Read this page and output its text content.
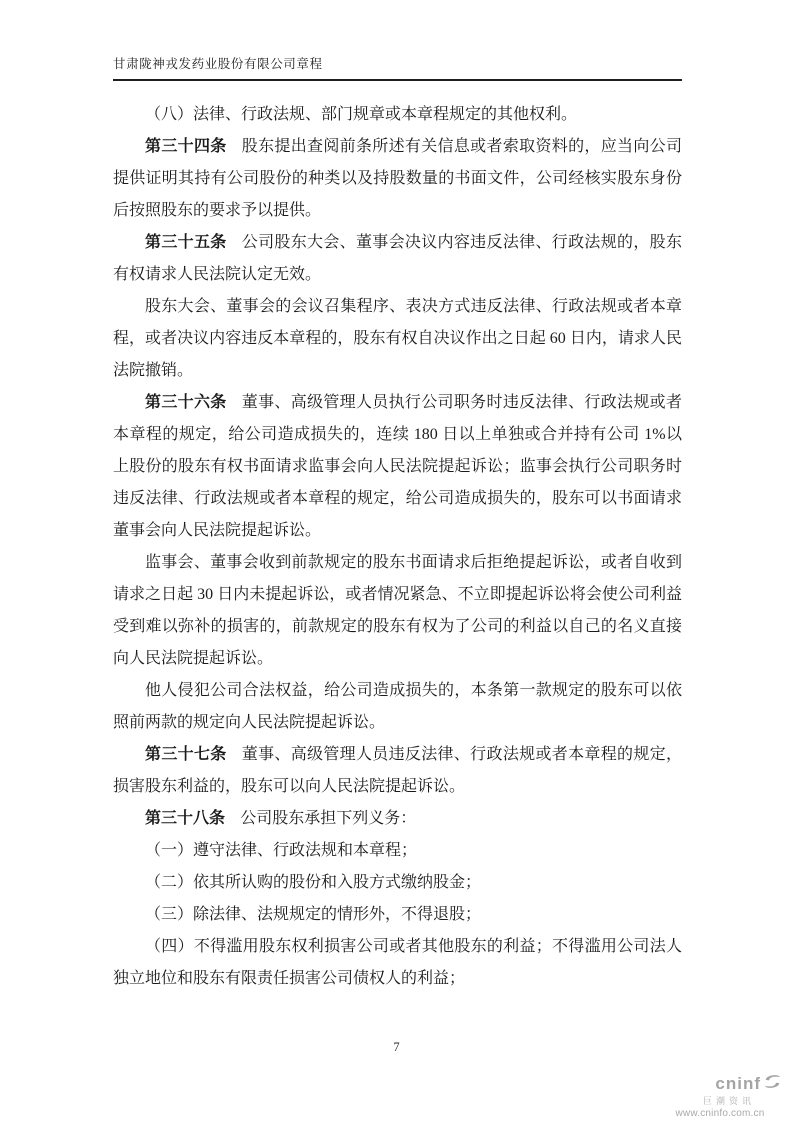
甘肃陇神戎发药业股份有限公司章程

（八）法律、行政法规、部门规章或本章程规定的其他权利。

第三十四条 股东提出查阅前条所述有关信息或者索取资料的，应当向公司提供证明其持有公司股份的种类以及持股数量的书面文件，公司经核实股东身份后按照股东的要求予以提供。

第三十五条 公司股东大会、董事会决议内容违反法律、行政法规的，股东有权请求人民法院认定无效。

股东大会、董事会的会议召集程序、表决方式违反法律、行政法规或者本章程，或者决议内容违反本章程的，股东有权自决议作出之日起 60 日内，请求人民法院撤销。

第三十六条 董事、高级管理人员执行公司职务时违反法律、行政法规或者本章程的规定，给公司造成损失的，连续 180 日以上单独或合并持有公司 1%以上股份的股东有权书面请求监事会向人民法院提起诉讼；监事会执行公司职务时违反法律、行政法规或者本章程的规定，给公司造成损失的，股东可以书面请求董事会向人民法院提起诉讼。

监事会、董事会收到前款规定的股东书面请求后拒绝提起诉讼，或者自收到请求之日起 30 日内未提起诉讼，或者情况紧急、不立即提起诉讼将会使公司利益受到难以弥补的损害的，前款规定的股东有权为了公司的利益以自己的名义直接向人民法院提起诉讼。

他人侵犯公司合法权益，给公司造成损失的，本条第一款规定的股东可以依照前两款的规定向人民法院提起诉讼。

第三十七条 董事、高级管理人员违反法律、行政法规或者本章程的规定，损害股东利益的，股东可以向人民法院提起诉讼。

第三十八条 公司股东承担下列义务：

（一）遵守法律、行政法规和本章程；

（二）依其所认购的股份和入股方式缴纳股金；

（三）除法律、法规规定的情形外，不得退股；

（四）不得滥用股东权利损害公司或者其他股东的利益；不得滥用公司法人独立地位和股东有限责任损害公司债权人的利益；

7
cninf
巨潮资讯
www.cninfo.com.cn
